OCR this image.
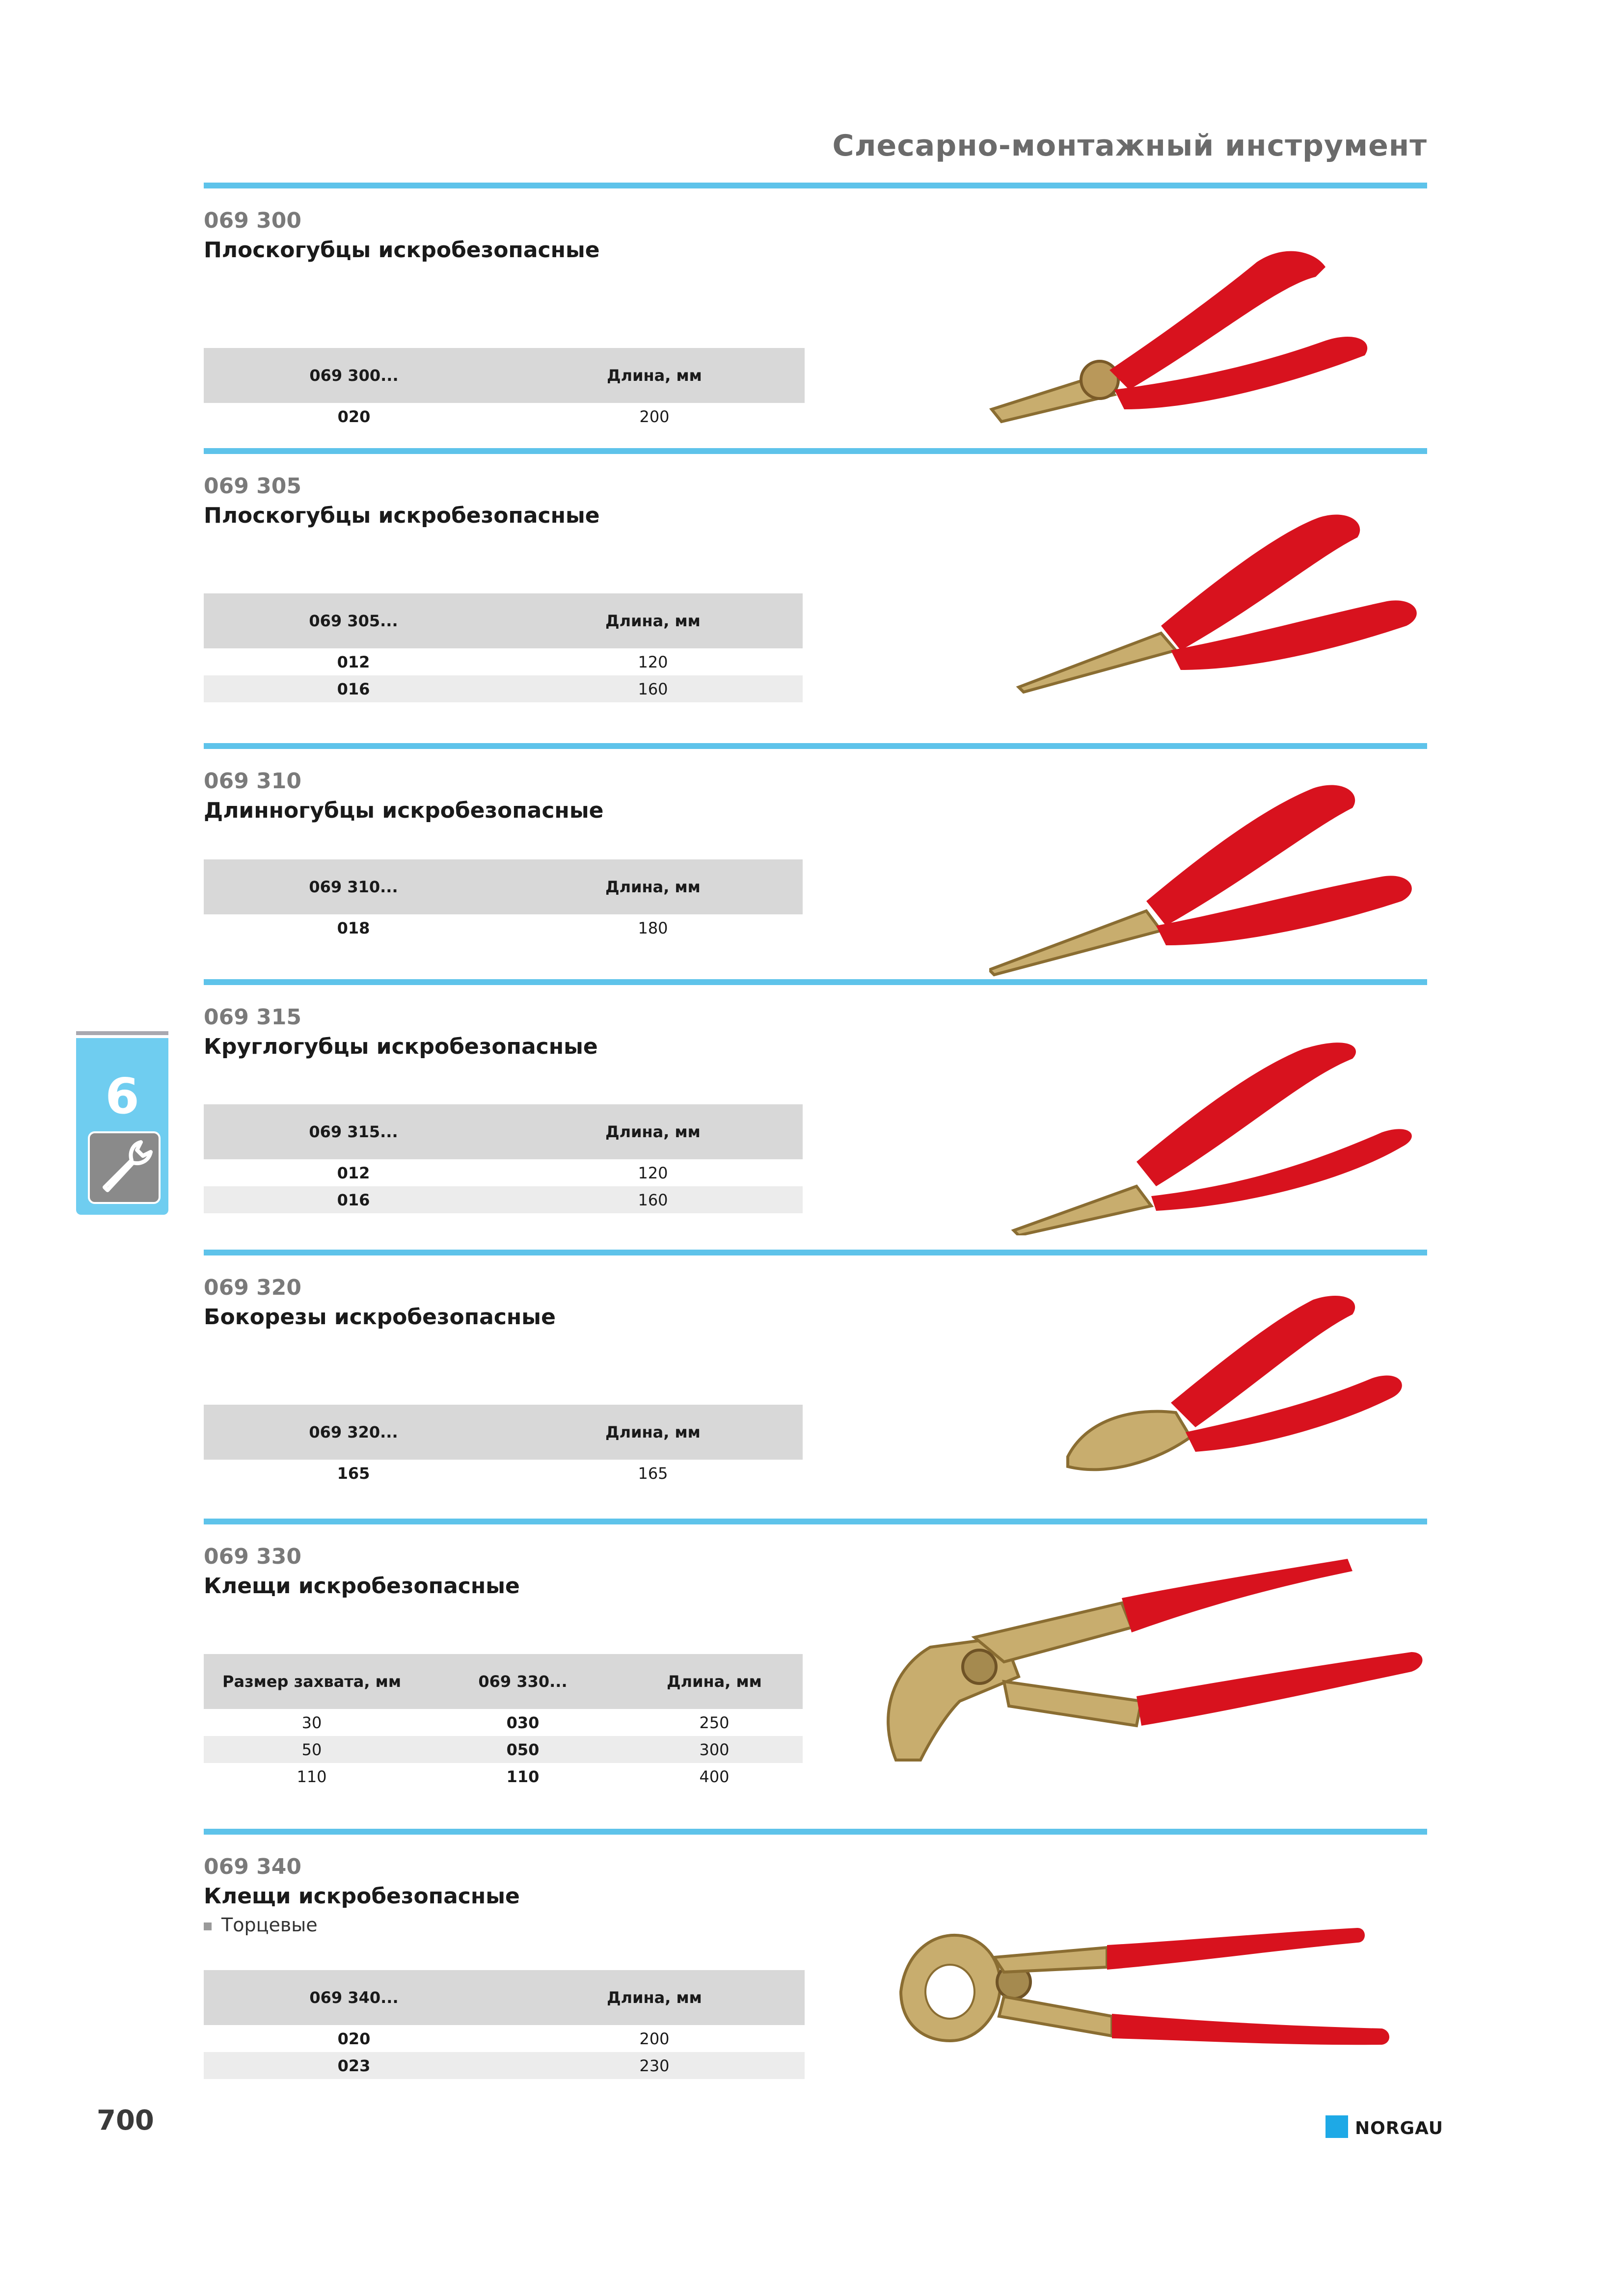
Слесарно-монтажный инструмент
069 300
Плоскогубцы искробезопасные
069 300...	Длина, мм
020	200
069 305
Плоскогубцы искробезопасные
069 305...	Длина, мм
012	120
016	160
069 310
Длинногубцы искробезопасные
069 310...	Длина, мм
018	180
069 315
Круглогубцы искробезопасные
069 315...	Длина, мм
012	120
016	160
069 320
Бокорезы искробезопасные
069 320...	Длина, мм
165	165
069 330
Клещи искробезопасные
Размер захвата, мм	069 330...	Длина, мм
30	030	250
50	050	300
110	110	400
069 340
Клещи искробезопасные
Торцевые
069 340...	Длина, мм
020	200
023	230
6
700	NORGAU
